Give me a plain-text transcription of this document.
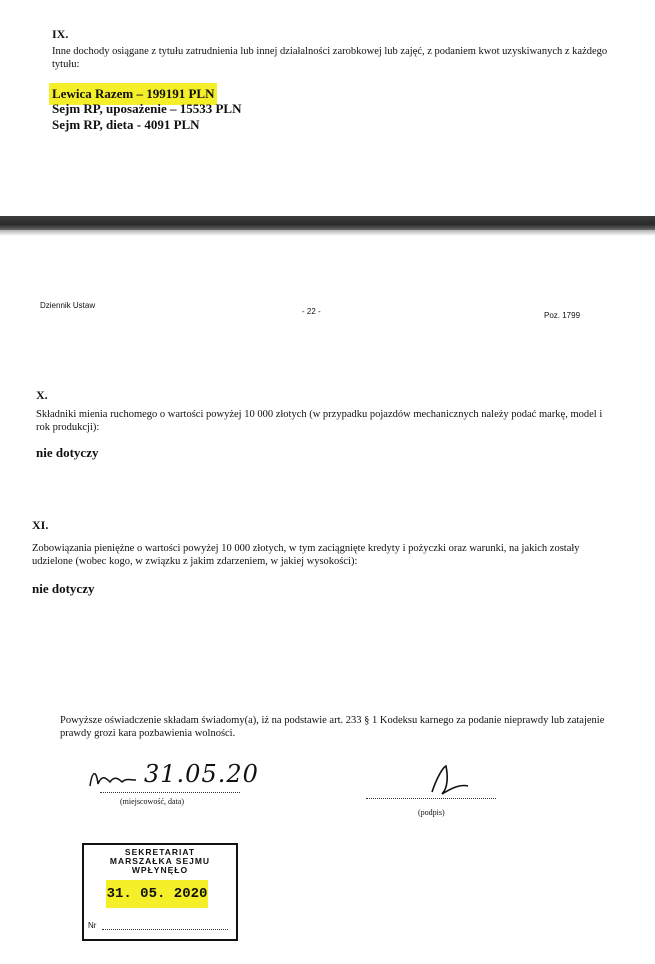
IX.
Inne dochody osiągane z tytułu zatrudnienia lub innej działalności zarobkowej lub zajęć, z podaniem kwot uzyskiwanych z każdego tytułu:
Lewica Razem – 199191 PLN
Sejm RP, uposażenie – 15533 PLN
Sejm RP, dieta - 4091 PLN
Dziennik Ustaw
- 22 -	Poz. 1799
X.
Składniki mienia ruchomego o wartości powyżej 10 000 złotych (w przypadku pojazdów mechanicznych należy podać markę, model i rok produkcji):
nie dotyczy
XI.
Zobowiązania pieniężne o wartości powyżej 10 000 złotych, w tym zaciągnięte kredyty i pożyczki oraz warunki, na jakich zostały udzielone (wobec kogo, w związku z jakim zdarzeniem, w jakiej wysokości):
nie dotyczy
Powyższe oświadczenie składam świadomy(a), iż na podstawie art. 233 § 1 Kodeksu karnego za podanie nieprawdy lub zatajenie prawdy grozi kara pozbawienia wolności.
31.05.20
(miejscowość, data)
(podpis)
SEKRETARIAT
MARSZAŁKA SEJMU
WPŁYNĘŁO
31. 05. 2020
Nr
